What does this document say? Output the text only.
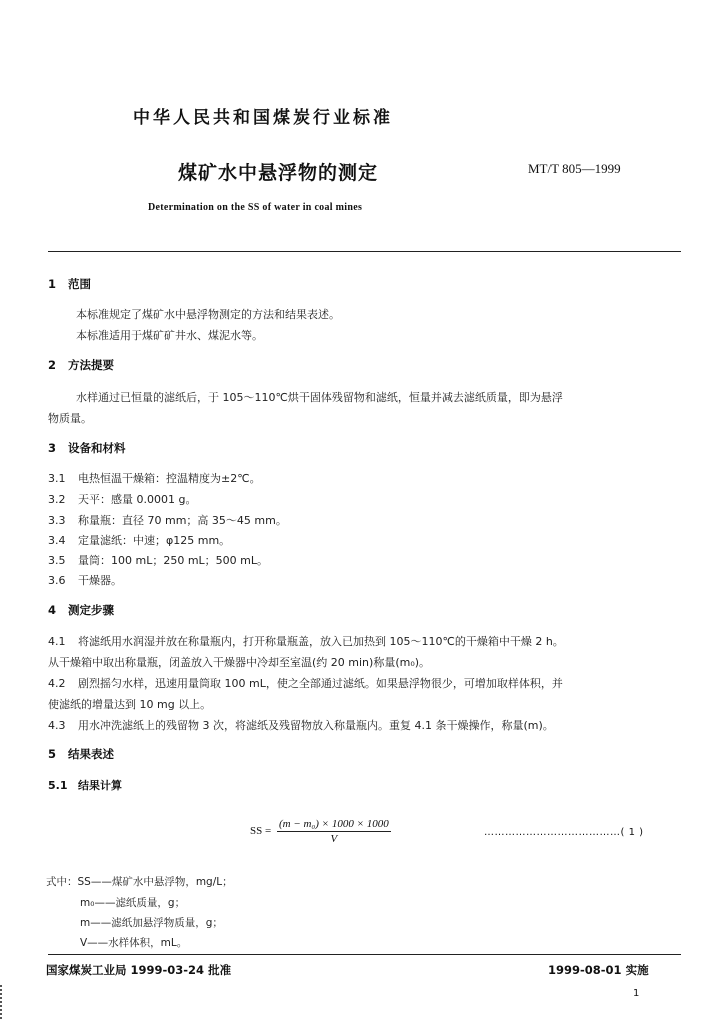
中华人民共和国煤炭行业标准
煤矿水中悬浮物的测定	MT/T 805—1999
Determination on the SS of water in coal mines
1 范围
本标准规定了煤矿水中悬浮物测定的方法和结果表述。
本标准适用于煤矿矿井水、煤泥水等。
2 方法提要
水样通过已恒量的滤纸后，于 105～110℃烘干固体残留物和滤纸，恒量并减去滤纸质量，即为悬浮
物质量。
3 设备和材料
3.1 电热恒温干燥箱：控温精度为±2℃。
3.2 天平：感量 0.0001 g。
3.3 称量瓶：直径 70 mm；高 35～45 mm。
3.4 定量滤纸：中速；φ125 mm。
3.5 量筒：100 mL；250 mL；500 mL。
3.6 干燥器。
4 测定步骤
4.1 将滤纸用水润湿并放在称量瓶内，打开称量瓶盖，放入已加热到 105～110℃的干燥箱中干燥 2 h。
从干燥箱中取出称量瓶，闭盖放入干燥器中冷却至室温(约 20 min)称量(m₀)。
4.2 剧烈摇匀水样，迅速用量筒取 100 mL，使之全部通过滤纸。如果悬浮物很少，可增加取样体积，并
使滤纸的增量达到 10 mg 以上。
4.3 用水冲洗滤纸上的残留物 3 次，将滤纸及残留物放入称量瓶内。重复 4.1 条干燥操作，称量(m)。
5 结果表述
5.1 结果计算
SS = $\frac{\text{(m − m₀) × 1000 × 1000}}{V}$	…………………………………( 1 )
式中：SS——煤矿水中悬浮物，mg/L；
m₀——滤纸质量，g；
m——滤纸加悬浮物质量，g；
V——水样体积，mL。
国家煤炭工业局 1999-03-24 批准	1999-08-01 实施
1
